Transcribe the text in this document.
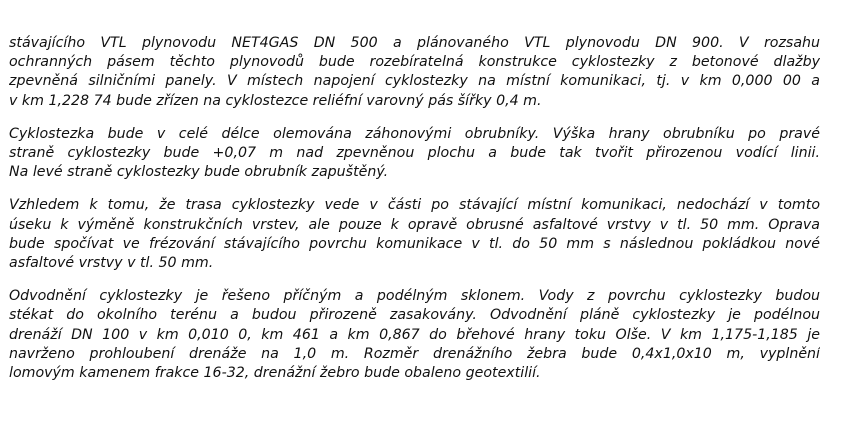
stávajícího VTL plynovodu NET4GAS DN 500 a plánovaného VTL plynovodu DN 900. V rozsahu
ochranných pásem těchto plynovodů bude rozebíratelná konstrukce cyklostezky z betonové dlažby
zpevněná silničními panely. V místech napojení cyklostezky na místní komunikaci, tj. v km 0,000 00 a
v km 1,228 74 bude zřízen na cyklostezce reliéfní varovný pás šířky 0,4 m.

Cyklostezka bude v celé délce olemována záhonovými obrubníky. Výška hrany obrubníku po pravé
straně cyklostezky bude +0,07 m nad zpevněnou plochu a bude tak tvořit přirozenou vodící linii.
Na levé straně cyklostezky bude obrubník zapuštěný.

Vzhledem k tomu, že trasa cyklostezky vede v části po stávající místní komunikaci, nedochází v tomto
úseku k výměně konstrukčních vrstev, ale pouze k opravě obrusné asfaltové vrstvy v tl. 50 mm. Oprava
bude spočívat ve frézování stávajícího povrchu komunikace v tl. do 50 mm s následnou pokládkou nové
asfaltové vrstvy v tl. 50 mm.

Odvodnění cyklostezky je řešeno příčným a podélným sklonem. Vody z povrchu cyklostezky budou
stékat do okolního terénu a budou přirozeně zasakovány. Odvodnění pláně cyklostezky je podélnou
drenáží DN 100 v km 0,010 0, km 461 a km 0,867 do břehové hrany toku Olše. V km 1,175-1,185 je
navrženo prohloubení drenáže na 1,0 m. Rozměr drenážního žebra bude 0,4x1,0x10 m, vyplnění
lomovým kamenem frakce 16-32, drenážní žebro bude obaleno geotextilií.
